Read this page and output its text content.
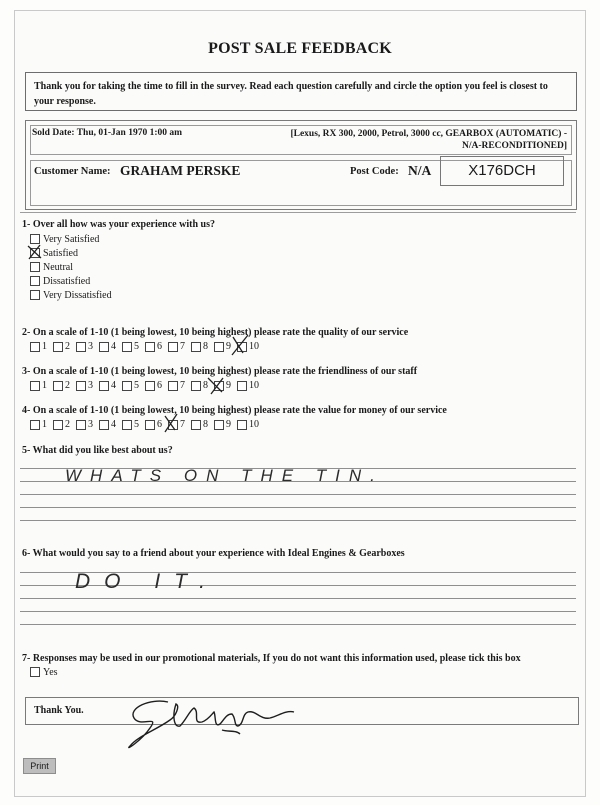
POST SALE FEEDBACK

Thank you for taking the time to fill in the survey. Read each question carefully and circle the option you feel is closest to your response.

Sold Date: Thu, 01-Jan 1970 1:00 am	[Lexus, RX 300, 2000, Petrol, 3000 cc, GEARBOX (AUTOMATIC) -
N/A-RECONDITIONED]
Customer Name: GRAHAM PERSKE	Post Code: N/A	X176DCH
1- Over all how was your experience with us?
Very Satisfied
Satisfied
Neutral
Dissatisfied
Very Dissatisfied
2- On a scale of 1-10 (1 being lowest, 10 being highest) please rate the quality of our service
1 2 3 4 5 6 7 8 9 10
3- On a scale of 1-10 (1 being lowest, 10 being highest) please rate the friendliness of our staff
1 2 3 4 5 6 7 8 9 10
4- On a scale of 1-10 (1 being lowest, 10 being highest) please rate the value for money of our service
1 2 3 4 5 6 7 8 9 10
5- What did you like best about us?
WHATS ON THE TIN.
6- What would you say to a friend about your experience with Ideal Engines & Gearboxes
DO IT.
7- Responses may be used in our promotional materials, If you do not want this information used, please tick this box
Yes
Thank You.
Print
